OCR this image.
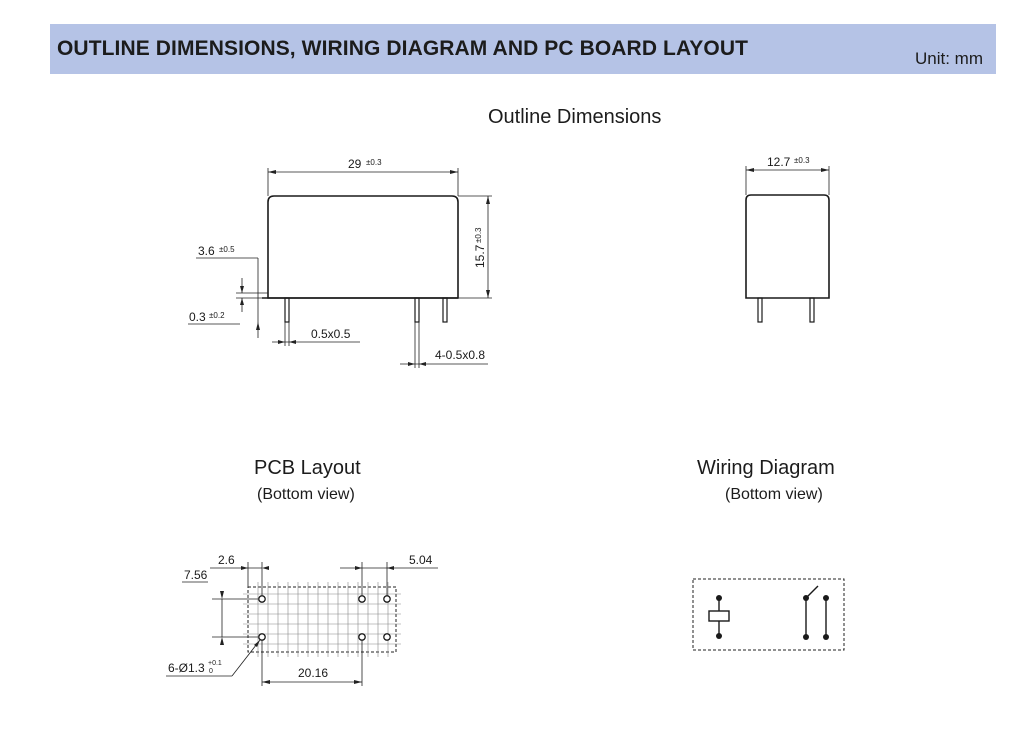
OUTLINE DIMENSIONS, WIRING DIAGRAM AND PC BOARD LAYOUT	Unit: mm
Outline Dimensions
PCB Layout
(Bottom view)
Wiring Diagram
(Bottom view)
29 ±0.3
15.7
±0.3
3.6 ±0.5
0.3 ±0.2
0.5x0.5
4-0.5x0.8
12.7 ±0.3
2.6
7.56
5.04
6-Ø1.3 +0.1
0	20.16
